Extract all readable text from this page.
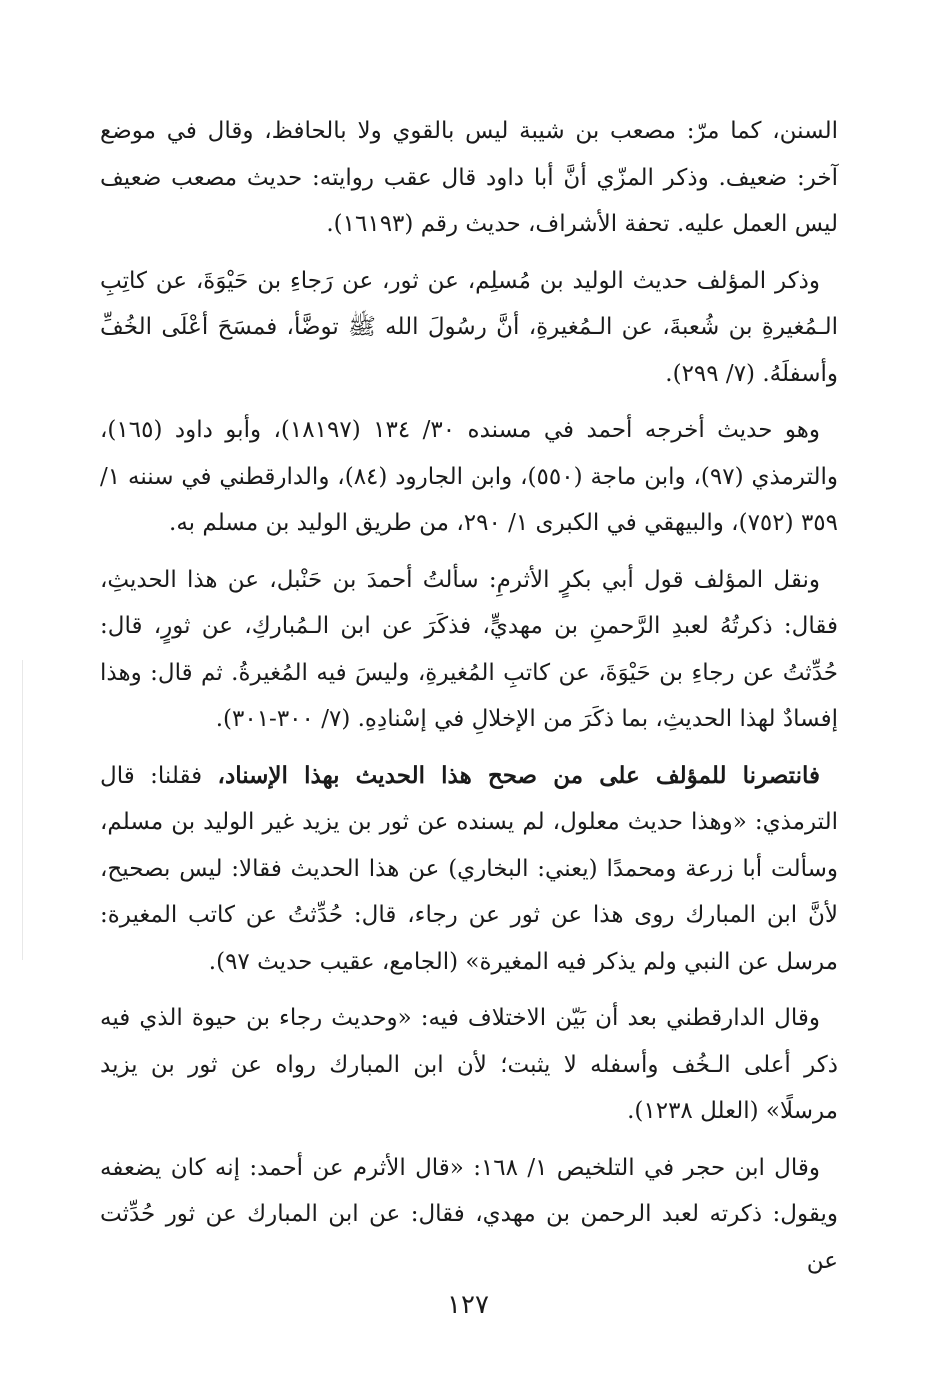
السنن، كما مرّ: مصعب بن شيبة ليس بالقوي ولا بالحافظ، وقال في موضع آخر: ضعيف. وذكر المزّي أنَّ أبا داود قال عقب روايته: حديث مصعب ضعيف ليس العمل عليه. تحفة الأشراف، حديث رقم (١٦١٩٣).

وذكر المؤلف حديث الوليد بن مُسلِم، عن ثور، عن رَجاءِ بن حَيْوَةَ، عن كاتِبِ الـمُغيرةِ بن شُعبةَ، عن الـمُغيرةِ، أنَّ رسُولَ الله ﷺ توضَّأ، فمسَحَ أعْلَى الخُفِّ وأسفلَهُ. (٧/ ٢٩٩).

وهو حديث أخرجه أحمد في مسنده ٣٠/ ١٣٤ (١٨١٩٧)، وأبو داود (١٦٥)، والترمذي (٩٧)، وابن ماجة (٥٥٠)، وابن الجارود (٨٤)، والدارقطني في سننه ١/ ٣٥٩ (٧٥٢)، والبيهقي في الكبرى ١/ ٢٩٠، من طريق الوليد بن مسلم به.

ونقل المؤلف قول أبي بكرٍ الأثرمِ: سألتُ أحمدَ بن حَنْبل، عن هذا الحديثِ، فقال: ذكرتُهُ لعبدِ الرَّحمنِ بن مهديٍّ، فذكَرَ عن ابن الـمُباركِ، عن ثورٍ، قال: حُدِّثتُ عن رجاءِ بن حَيْوَةَ، عن كاتبِ المُغيرةِ، وليسَ فيه المُغيرةُ. ثم قال: وهذا إفسادٌ لهذا الحديثِ، بما ذكَرَ من الإخلالِ في إسْنادِهِ. (٧/ ٣٠٠-٣٠١).

فانتصرنا للمؤلف على من صحح هذا الحديث بهذا الإسناد، فقلنا: قال الترمذي: «وهذا حديث معلول، لم يسنده عن ثور بن يزيد غير الوليد بن مسلم، وسألت أبا زرعة ومحمدًا (يعني: البخاري) عن هذا الحديث فقالا: ليس بصحيح، لأنَّ ابن المبارك روى هذا عن ثور عن رجاء، قال: حُدِّثتُ عن كاتب المغيرة: مرسل عن النبي ولم يذكر فيه المغيرة» (الجامع، عقيب حديث ٩٧).

وقال الدارقطني بعد أن بَيّن الاختلاف فيه: «وحديث رجاء بن حيوة الذي فيه ذكر أعلى الـخُف وأسفله لا يثبت؛ لأن ابن المبارك رواه عن ثور بن يزيد مرسلًا» (العلل ١٢٣٨).

وقال ابن حجر في التلخيص ١/ ١٦٨: «قال الأثرم عن أحمد: إنه كان يضعفه ويقول: ذكرته لعبد الرحمن بن مهدي، فقال: عن ابن المبارك عن ثور حُدِّثت عن

١٢٧
